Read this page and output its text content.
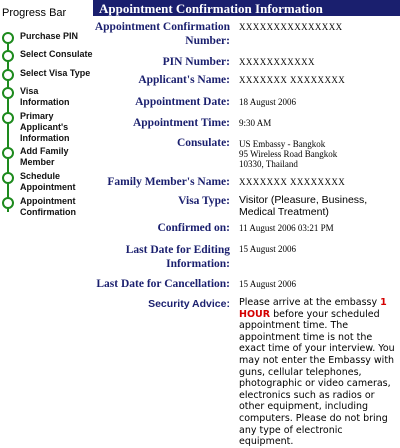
Progress Bar
Purchase PIN
Select Consulate
Select Visa Type
Visa Information
Primary Applicant's Information
Add Family Member
Schedule Appointment
Appointment Confirmation
Appointment Confirmation Information
Appointment Confirmation Number:
XXXXXXXXXXXXXXX
PIN Number: XXXXXXXXXXX
Applicant's Name: XXXXXXX XXXXXXXX
Appointment Date: 18 August 2006
Appointment Time: 9:30 AM
Consulate: US Embassy - Bangkok
95 Wireless Road Bangkok
10330, Thailand
Family Member's Name: XXXXXXX XXXXXXXX
Visa Type: Visitor (Pleasure, Business, Medical Treatment)
Confirmed on: 11 August 2006 03:21 PM
Last Date for Editing Information:
15 August 2006
Last Date for Cancellation: 15 August 2006
Security Advice: Please arrive at the embassy 1 HOUR before your scheduled appointment time. The appointment time is not the exact time of your interview. You may not enter the Embassy with guns, cellular telephones, photographic or video cameras, electronics such as radios or other equipment, including computers. Please do not bring any type of electronic equipment.
